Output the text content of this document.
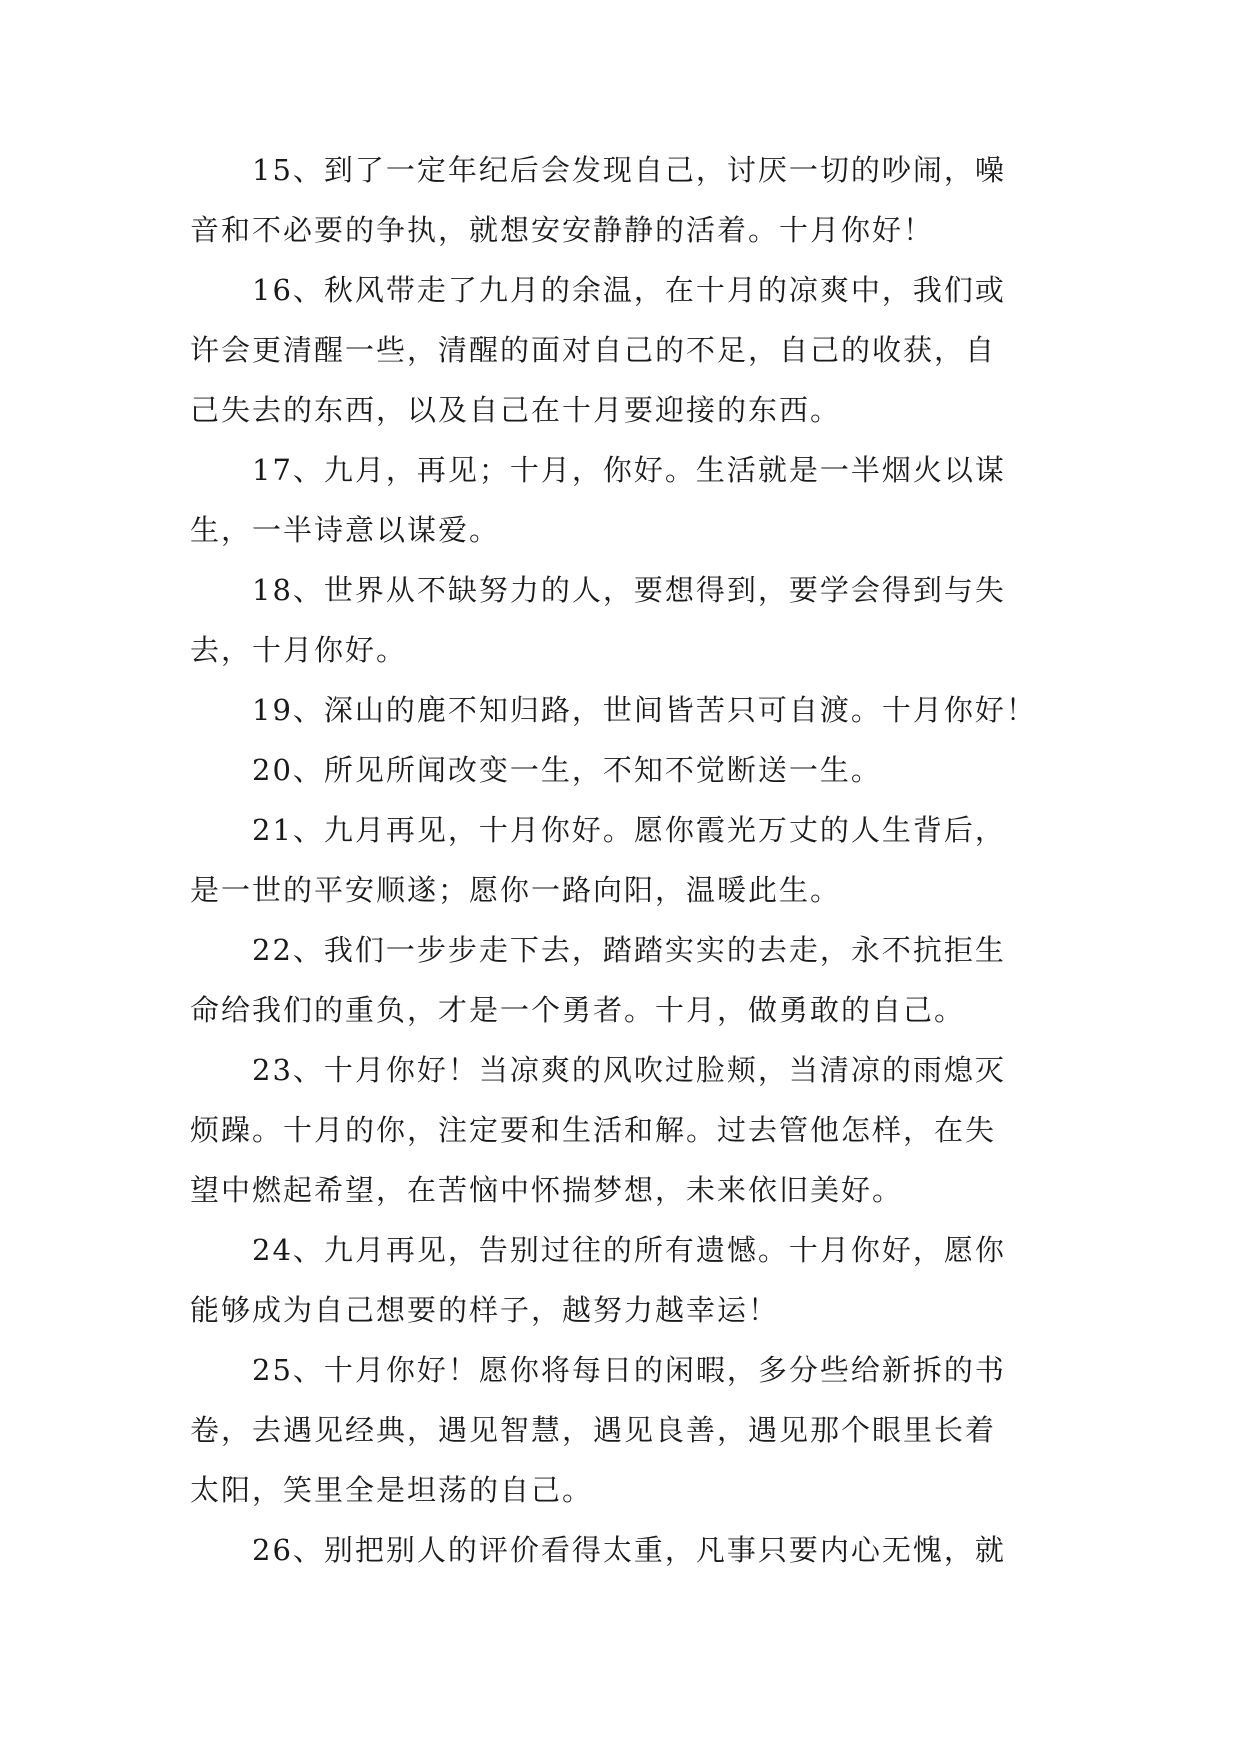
15、到了一定年纪后会发现自己，讨厌一切的吵闹，噪
音和不必要的争执，就想安安静静的活着。十月你好！
16、秋风带走了九月的余温，在十月的凉爽中，我们或
许会更清醒一些，清醒的面对自己的不足，自己的收获，自
己失去的东西，以及自己在十月要迎接的东西。
17、九月，再见；十月，你好。生活就是一半烟火以谋
生，一半诗意以谋爱。
18、世界从不缺努力的人，要想得到，要学会得到与失
去，十月你好。
19、深山的鹿不知归路，世间皆苦只可自渡。十月你好！
20、所见所闻改变一生，不知不觉断送一生。
21、九月再见，十月你好。愿你霞光万丈的人生背后，
是一世的平安顺遂；愿你一路向阳，温暖此生。
22、我们一步步走下去，踏踏实实的去走，永不抗拒生
命给我们的重负，才是一个勇者。十月，做勇敢的自己。
23、十月你好！当凉爽的风吹过脸颊，当清凉的雨熄灭
烦躁。十月的你，注定要和生活和解。过去管他怎样，在失
望中燃起希望，在苦恼中怀揣梦想，未来依旧美好。
24、九月再见，告别过往的所有遗憾。十月你好，愿你
能够成为自己想要的样子，越努力越幸运！
25、十月你好！愿你将每日的闲暇，多分些给新拆的书
卷，去遇见经典，遇见智慧，遇见良善，遇见那个眼里长着
太阳，笑里全是坦荡的自己。
26、别把别人的评价看得太重，凡事只要内心无愧，就
